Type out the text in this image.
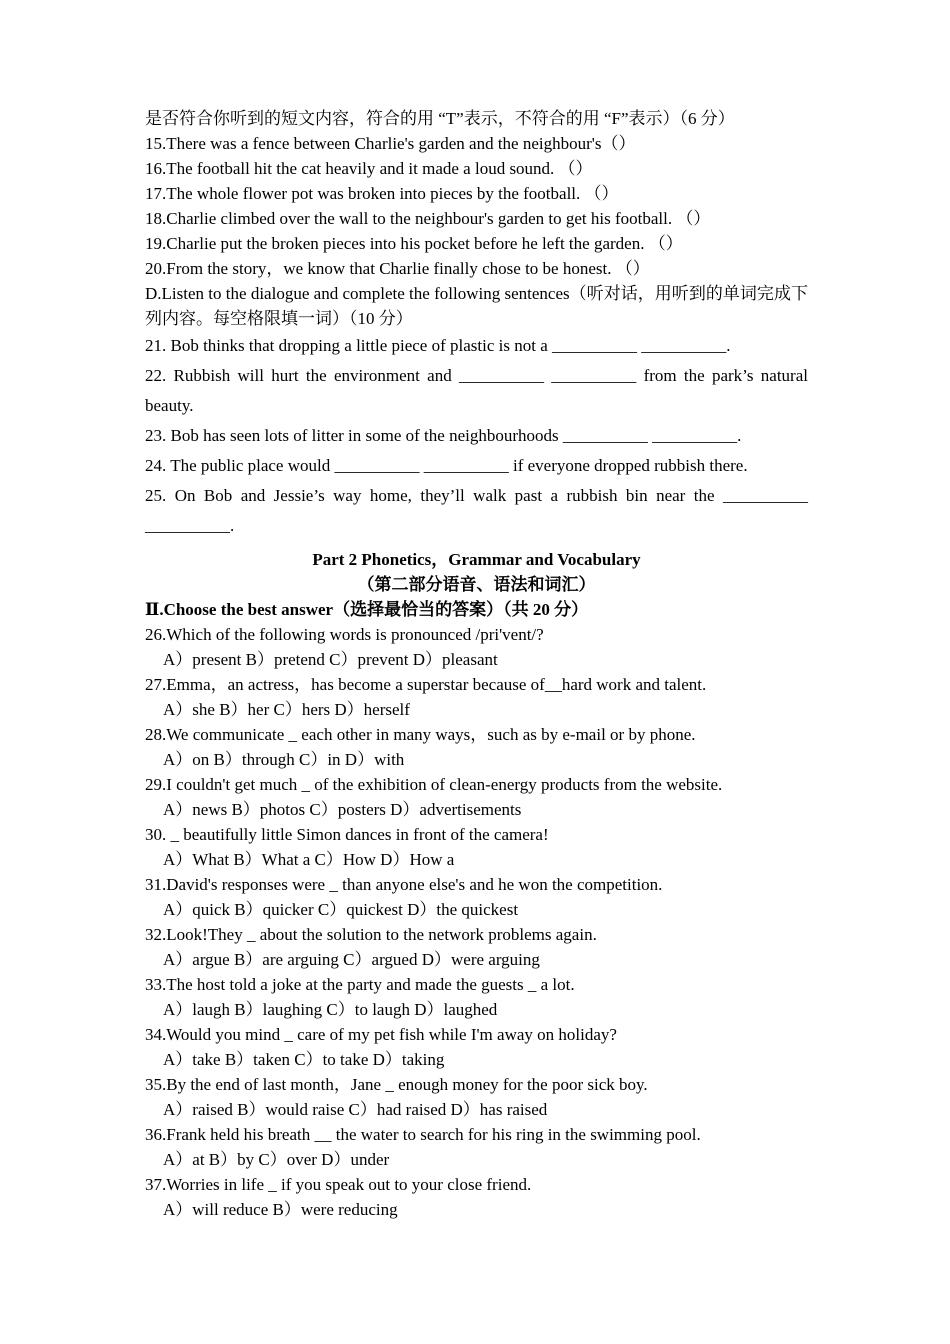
是否符合你听到的短文内容，符合的用 “T”表示，不符合的用 “F”表示）（6 分）

15.There was a fence between Charlie's garden and the neighbour's（）

16.The football hit the cat heavily and it made a loud sound. （）

17.The whole flower pot was broken into pieces by the football. （）

18.Charlie climbed over the wall to the neighbour's garden to get his football. （）

19.Charlie put the broken pieces into his pocket before he left the garden. （）

20.From the story，we know that Charlie finally chose to be honest. （）

D.Listen to the dialogue and complete the following sentences（听对话，用听到的单词完成下列内容。每空格限填一词）（10 分）

21. Bob thinks that dropping a little piece of plastic is not a __________ __________.

22. Rubbish will hurt the environment and __________ __________ from the park’s natural beauty.

23. Bob has seen lots of litter in some of the neighbourhoods __________ __________.

24. The public place would __________ __________ if everyone dropped rubbish there.

25. On Bob and Jessie’s way home, they’ll walk past a rubbish bin near the __________ __________.

Part 2 Phonetics，Grammar and Vocabulary

（第二部分语音、语法和词汇）

Ⅱ.Choose the best answer（选择最恰当的答案）（共 20 分）

26.Which of the following words is pronounced /pri'vent/?

A）present B）pretend C）prevent D）pleasant

27.Emma，an actress，has become a superstar because of__hard work and talent.

A）she B）her C）hers D）herself

28.We communicate _ each other in many ways，such as by e-mail or by phone.

A）on B）through C）in D）with

29.I couldn't get much _ of the exhibition of clean-energy products from the website.

A）news B）photos C）posters D）advertisements

30. _ beautifully little Simon dances in front of the camera!

A）What B）What a C）How D）How a

31.David's responses were _ than anyone else's and he won the competition.

A）quick B）quicker C）quickest D）the quickest

32.Look!They _ about the solution to the network problems again.

A）argue B）are arguing C）argued D）were arguing

33.The host told a joke at the party and made the guests _ a lot.

A）laugh B）laughing C）to laugh D）laughed

34.Would you mind _ care of my pet fish while I'm away on holiday?

A）take B）taken C）to take D）taking

35.By the end of last month，Jane _ enough money for the poor sick boy.

A）raised B）would raise C）had raised D）has raised

36.Frank held his breath __ the water to search for his ring in the swimming pool.

A）at B）by C）over D）under

37.Worries in life _ if you speak out to your close friend.

A）will reduce B）were reducing
